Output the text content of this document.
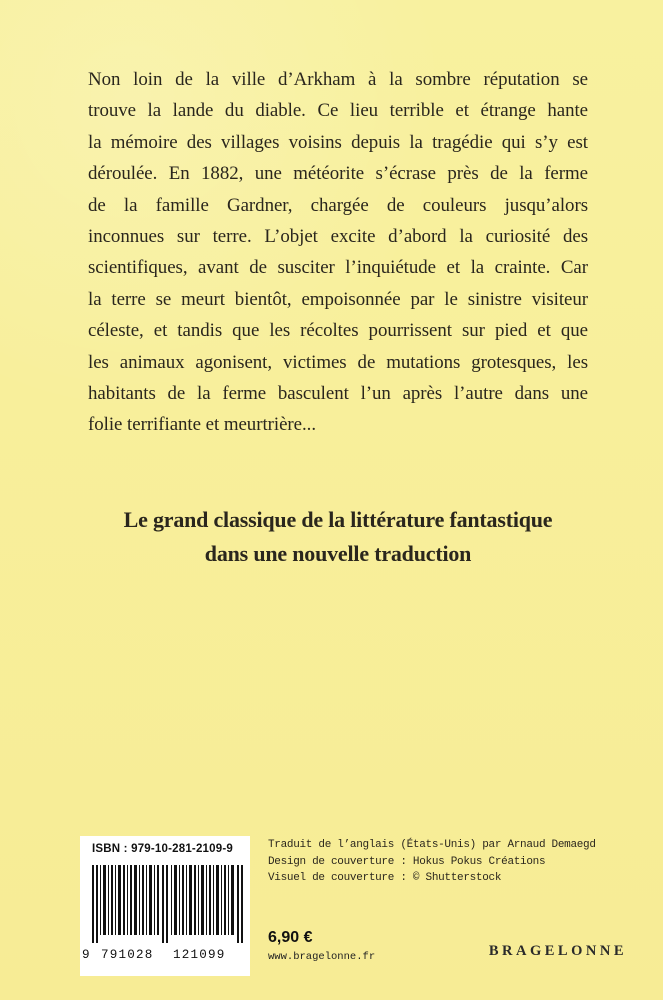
Non loin de la ville d’Arkham à la sombre réputation se
trouve la lande du diable. Ce lieu terrible et étrange hante
la mémoire des villages voisins depuis la tragédie qui s’y est
déroulée. En 1882, une météorite s’écrase près de la ferme
de la famille Gardner, chargée de couleurs jusqu’alors
inconnues sur terre. L’objet excite d’abord la curiosité des
scientifiques, avant de susciter l’inquiétude et la crainte. Car
la terre se meurt bientôt, empoisonnée par le sinistre visiteur
céleste, et tandis que les récoltes pourrissent sur pied et que
les animaux agonisent, victimes de mutations grotesques, les
habitants de la ferme basculent l’un après l’autre dans une
folie terrifiante et meurtrière...
Le grand classique de la littérature fantastique
dans une nouvelle traduction
ISBN : 979-10-281-2109-9
9 791028 121099
Traduit de l’anglais (États-Unis) par Arnaud Demaegd
Design de couverture : Hokus Pokus Créations
Visuel de couverture : © Shutterstock
6,90 €
www.bragelonne.fr	BRAGELONNE
